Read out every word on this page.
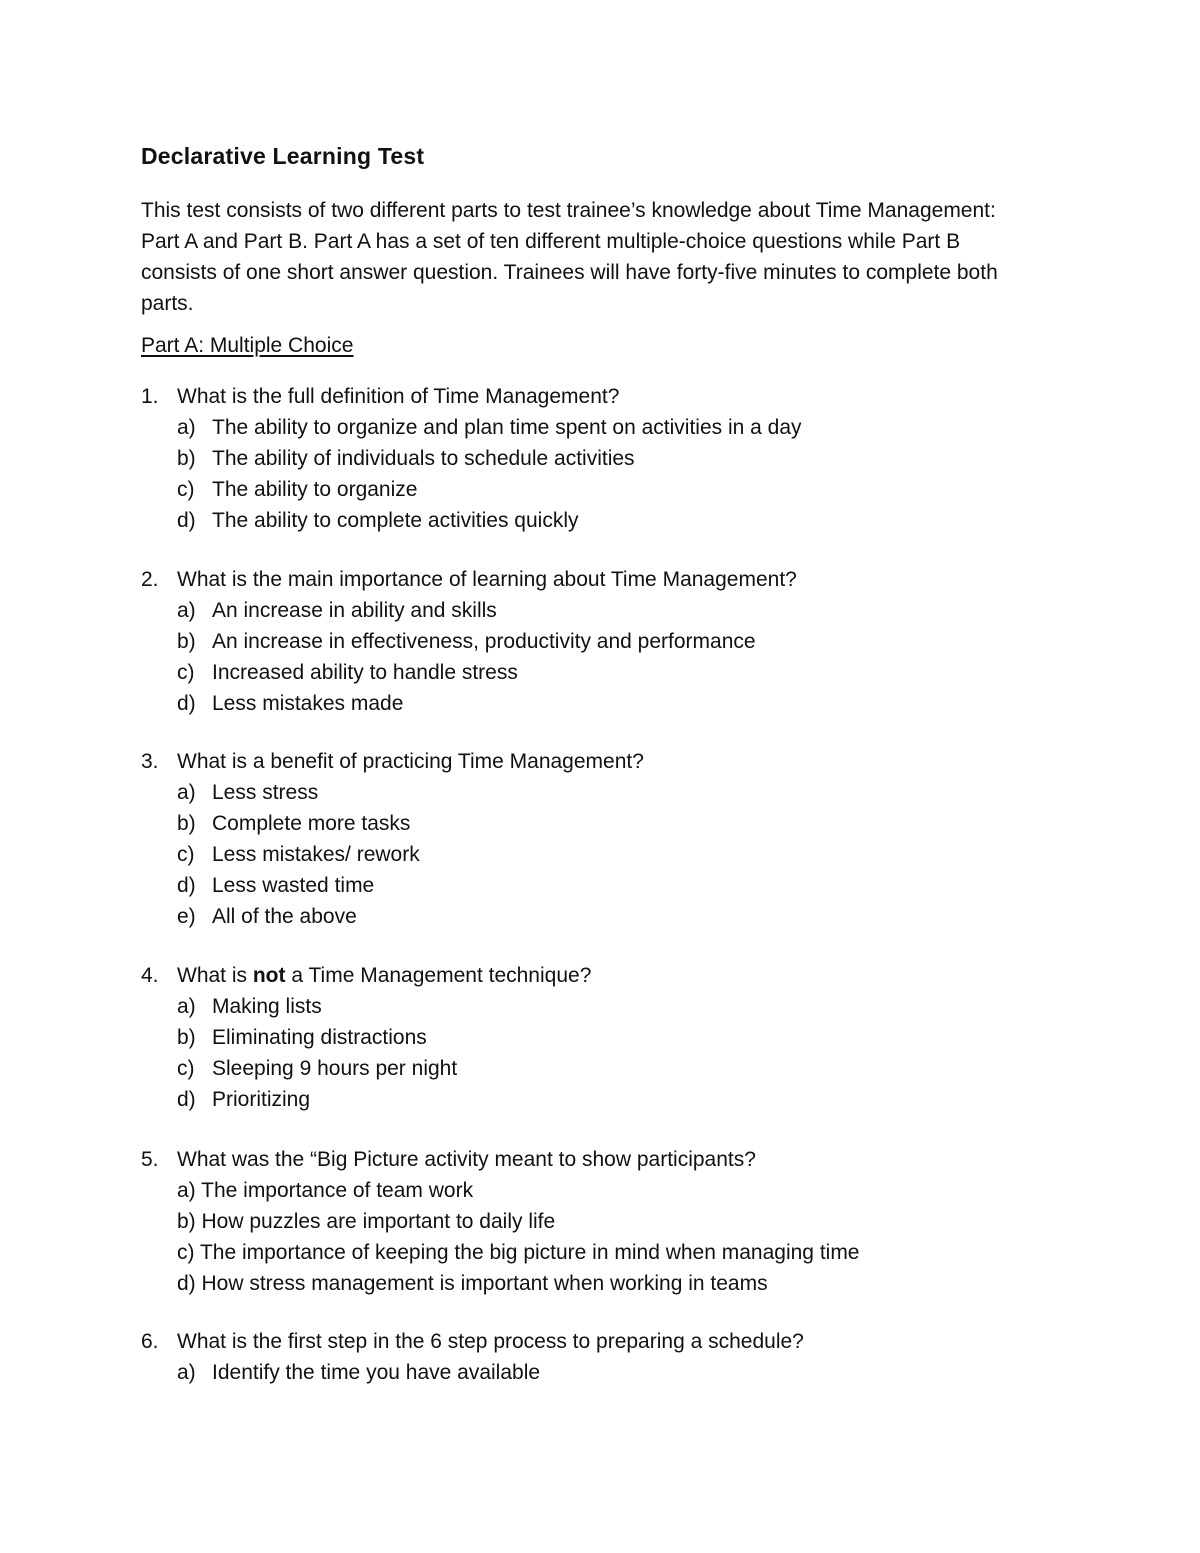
Declarative Learning Test
This test consists of two different parts to test trainee’s knowledge about Time Management:
Part A and Part B. Part A has a set of ten different multiple-choice questions while Part B
consists of one short answer question. Trainees will have forty-five minutes to complete both
parts.
Part A: Multiple Choice
1. What is the full definition of Time Management?
a) The ability to organize and plan time spent on activities in a day
b) The ability of individuals to schedule activities
c) The ability to organize
d) The ability to complete activities quickly
2. What is the main importance of learning about Time Management?
a) An increase in ability and skills
b) An increase in effectiveness, productivity and performance
c) Increased ability to handle stress
d) Less mistakes made
3. What is a benefit of practicing Time Management?
a) Less stress
b) Complete more tasks
c) Less mistakes/ rework
d) Less wasted time
e) All of the above
4. What is not a Time Management technique?
a) Making lists
b) Eliminating distractions
c) Sleeping 9 hours per night
d) Prioritizing
5. What was the “Big Picture activity meant to show participants?
a) The importance of team work
b) How puzzles are important to daily life
c) The importance of keeping the big picture in mind when managing time
d) How stress management is important when working in teams
6. What is the first step in the 6 step process to preparing a schedule?
a) Identify the time you have available
